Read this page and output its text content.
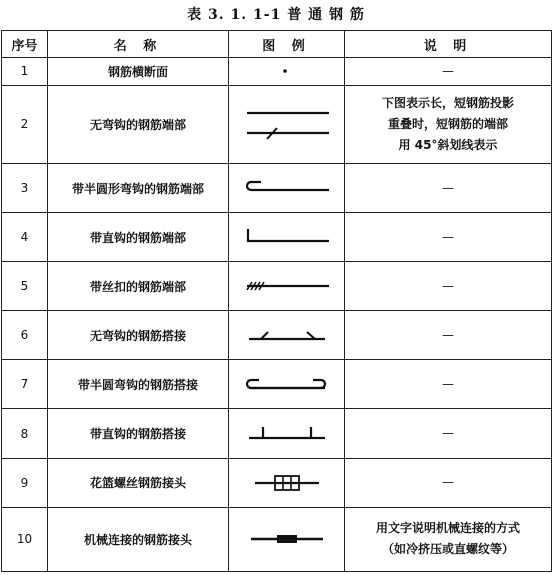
表 3. 1. 1-1 普 通 钢 筋
序号	名 称	图 例	说 明
1	钢筋横断面		—
2	无弯钩的钢筋端部		下图表示长，短钢筋投影
重叠时，短钢筋的端部
用 45°斜划线表示

3	带半圆形弯钩的钢筋端部		—
4	带直钩的钢筋端部		—
5	带丝扣的钢筋端部		—
6	无弯钩的钢筋搭接		—
7	带半圆弯钩的钢筋搭接		—
8	带直钩的钢筋搭接		—
9	花篮螺丝钢筋接头		—
10	机械连接的钢筋接头		用文字说明机械连接的方式
（如冷挤压或直螺纹等）
